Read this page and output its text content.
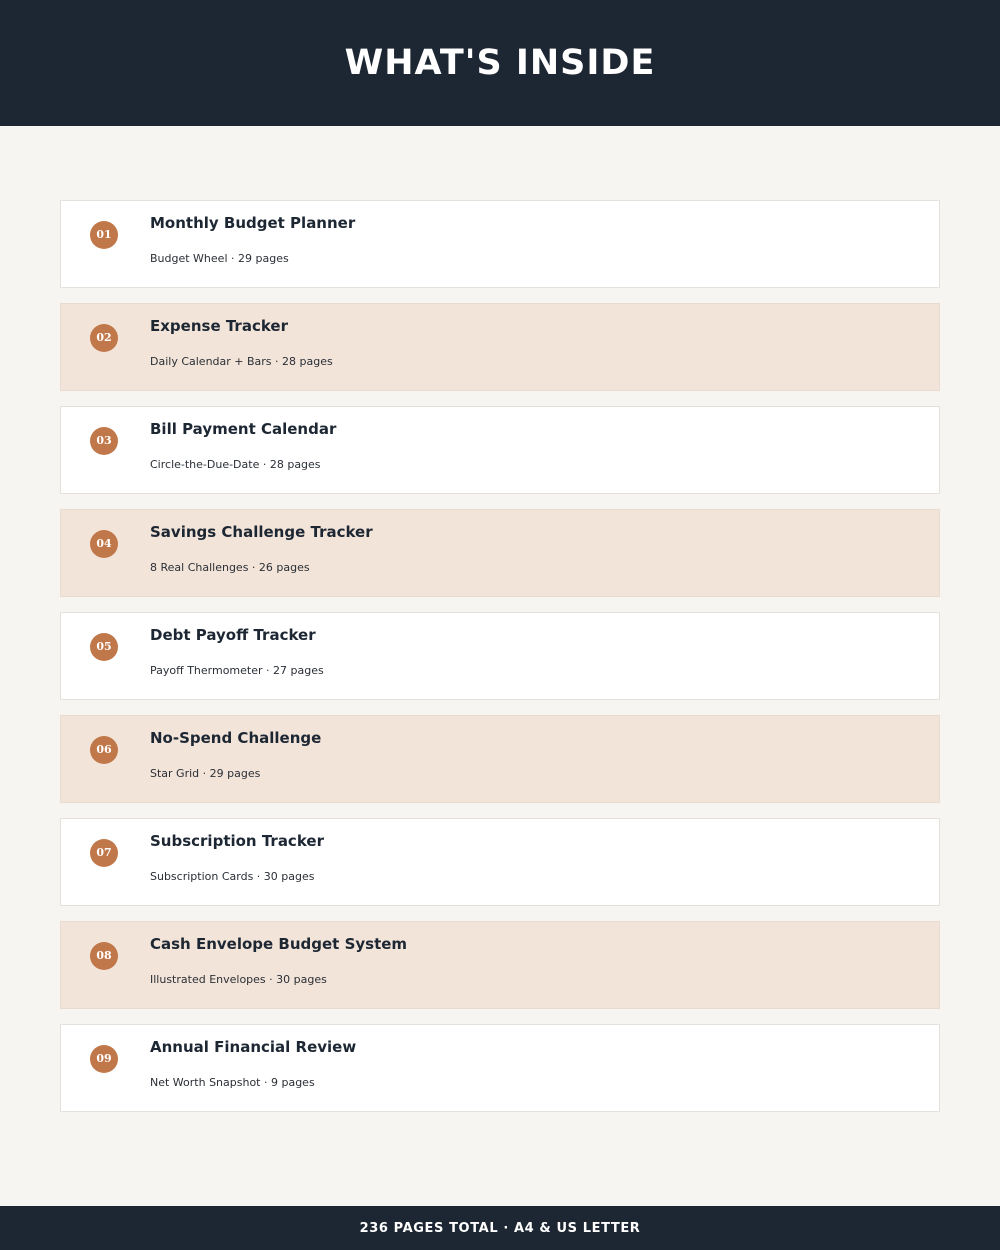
WHAT'S INSIDE
01
Monthly Budget Planner
Budget Wheel · 29 pages
02
Expense Tracker
Daily Calendar + Bars · 28 pages
03
Bill Payment Calendar
Circle-the-Due-Date · 28 pages
04
Savings Challenge Tracker
8 Real Challenges · 26 pages
05
Debt Payoff Tracker
Payoff Thermometer · 27 pages
06
No-Spend Challenge
Star Grid · 29 pages
07
Subscription Tracker
Subscription Cards · 30 pages
08
Cash Envelope Budget System
Illustrated Envelopes · 30 pages
09
Annual Financial Review
Net Worth Snapshot · 9 pages
236 PAGES TOTAL · A4 & US LETTER
